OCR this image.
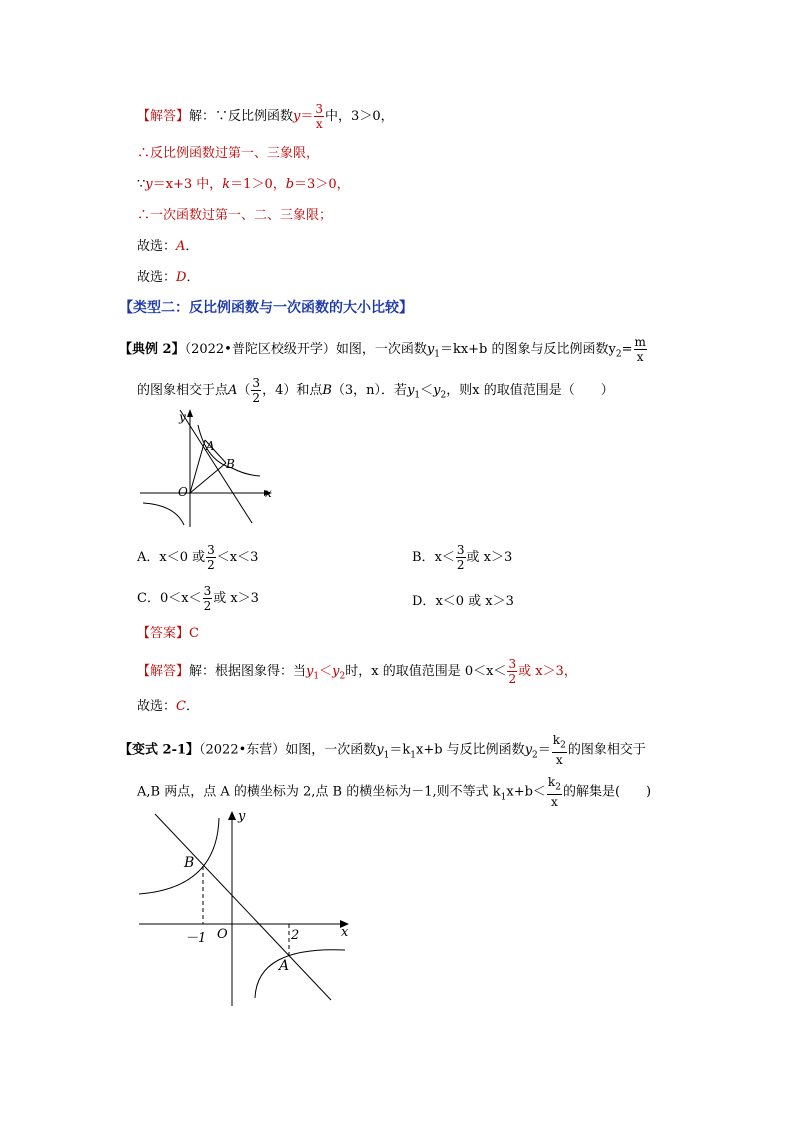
【解答】解：∵反比例函数$y= \frac{3}{x}$ 中，3＞0，
∴反比例函数过第一、三象限，
∵y＝x+3 中，k＝1＞0，b＝3＞0，
∴一次函数过第一、二、三象限；
故选：A．
故选：D．
【类型二：反比例函数与一次函数的大小比较】
【典例 2】（2022•普陀区校级开学）如图，一次函数$y_1=kx+b$ 的图象与反比例函数$y_2= \frac{m}{x}$
的图象相交于点$A( \frac{3}{2}$ ，4）和点B（3，n）．若$y_1<y_2$，则x 的取值范围是（　　）
y
A
B
O	x
A．x＜0 或 $\frac{3}{2} <x<3$	B．$x< \frac{3}{2}$ 或 x＞3
C．$0<x< \frac{3}{2}$ 或 x＞3	D．x＜0 或 x＞3
【答案】C
【解答】解：根据图象得：当$y_1<y_2$时，x 的取值范围是 $0<x< \frac{3}{2}$ 或 x＞3，
故选：C．
【变式 2-1】（2022•东营）如图，一次函数$y_1=k_1x+b$ 与反比例函数$y_2= \frac{k_2}{x}$ 的图象相交于
A,B 两点，点 A 的横坐标为 2,点 B 的横坐标为－1,则不等式 $k_1x+b< \frac{k_2}{x}$ 的解集是(　　)
y
B
－1 O	2	x
A
